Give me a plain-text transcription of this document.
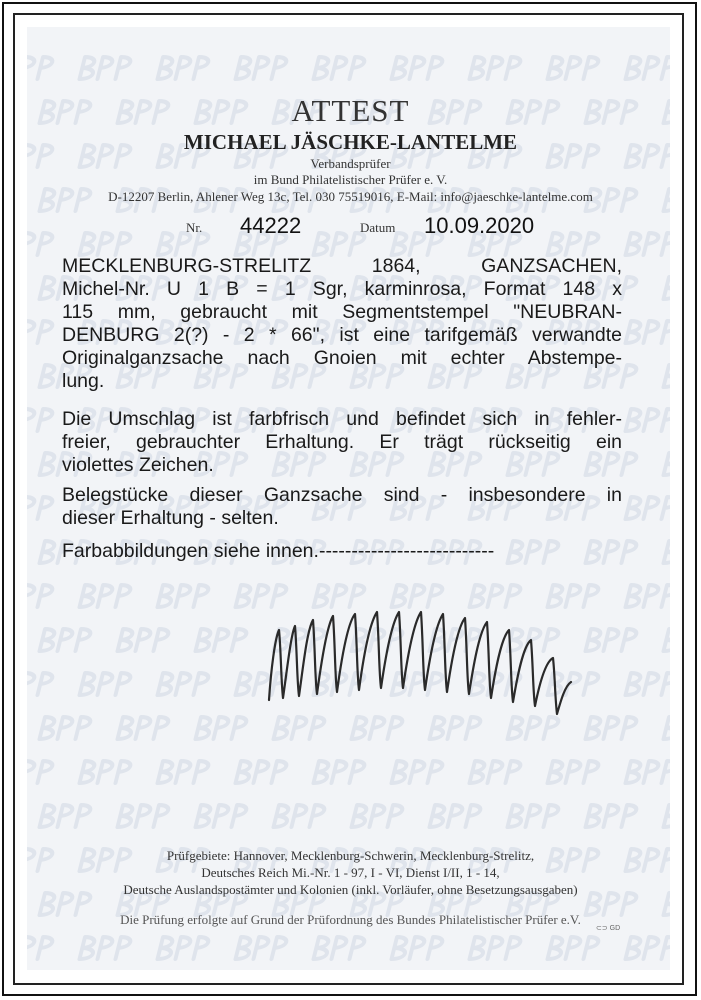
ATTEST
MICHAEL JÄSCHKE-LANTELME
Verbandsprüfer
im Bund Philatelistischer Prüfer e. V.
D-12207 Berlin, Ahlener Weg 13c, Tel. 030 75519016, E-Mail: info@jaeschke-lantelme.com
Nr. 44222	Datum 10.09.2020
MECKLENBURG-STRELITZ 1864, GANZSACHEN,
Michel-Nr. U 1 B = 1 Sgr, karminrosa, Format 148 x
115 mm, gebraucht mit Segmentstempel "NEUBRAN-
DENBURG 2(?) - 2 * 66", ist eine tarifgemäß verwandte
Originalganzsache nach Gnoien mit echter Abstempe-
lung.
Die Umschlag ist farbfrisch und befindet sich in fehler-
freier, gebrauchter Erhaltung. Er trägt rückseitig ein
violettes Zeichen.
Belegstücke dieser Ganzsache sind - insbesondere in
dieser Erhaltung - selten.
Farbabbildungen siehe innen.---------------------------
Prüfgebiete: Hannover, Mecklenburg-Schwerin, Mecklenburg-Strelitz,
Deutsches Reich Mi.-Nr. 1 - 97, I - VI, Dienst I/II, 1 - 14,
Deutsche Auslandspostämter und Kolonien (inkl. Vorläufer, ohne Besetzungsausgaben)
Die Prüfung erfolgte auf Grund der Prüfordnung des Bundes Philatelistischer Prüfer e.V.
⊂⊃ GD
